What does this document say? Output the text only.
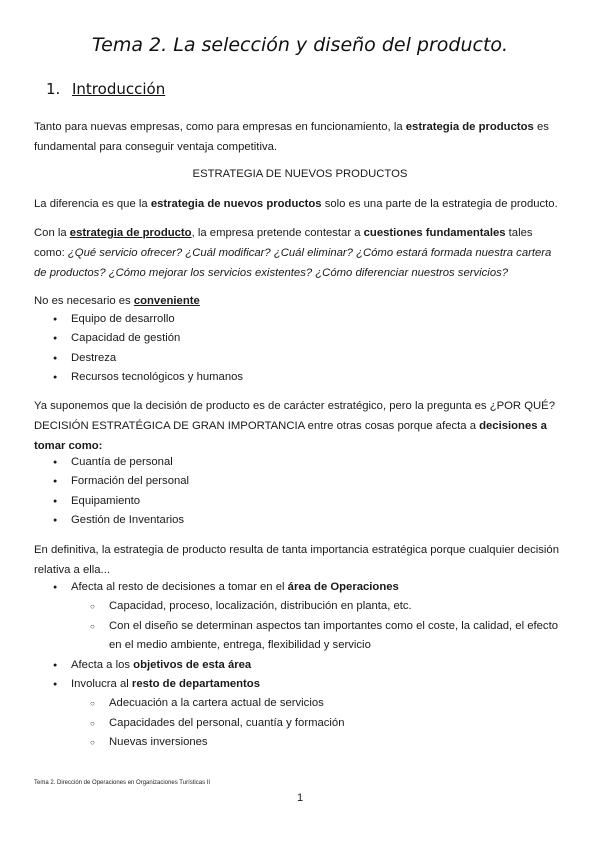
Tema 2. La selección y diseño del producto.
1. Introducción
Tanto para nuevas empresas, como para empresas en funcionamiento, la estrategia de productos es fundamental para conseguir ventaja competitiva.
ESTRATEGIA DE NUEVOS PRODUCTOS
La diferencia es que la estrategia de nuevos productos solo es una parte de la estrategia de producto.
Con la estrategia de producto, la empresa pretende contestar a cuestiones fundamentales tales como: ¿Qué servicio ofrecer? ¿Cuál modificar? ¿Cuál eliminar? ¿Cómo estará formada nuestra cartera de productos? ¿Cómo mejorar los servicios existentes? ¿Cómo diferenciar nuestros servicios?
No es necesario es conveniente
● Equipo de desarrollo
● Capacidad de gestión
● Destreza
● Recursos tecnológicos y humanos
Ya suponemos que la decisión de producto es de carácter estratégico, pero la pregunta es ¿POR QUÉ? DECISIÓN ESTRATÉGICA DE GRAN IMPORTANCIA entre otras cosas porque afecta a decisiones a tomar como:
● Cuantía de personal
● Formación del personal
● Equipamiento
● Gestión de Inventarios
En definitiva, la estrategia de producto resulta de tanta importancia estratégica porque cualquier decisión relativa a ella...
● Afecta al resto de decisiones a tomar en el área de Operaciones
○ Capacidad, proceso, localización, distribución en planta, etc.
○ Con el diseño se determinan aspectos tan importantes como el coste, la calidad, el efecto en el medio ambiente, entrega, flexibilidad y servicio
● Afecta a los objetivos de esta área
● Involucra al resto de departamentos
○ Adecuación a la cartera actual de servicios
○ Capacidades del personal, cuantía y formación
○ Nuevas inversiones
Tema 2. Dirección de Operaciones en Organizaciones Turísticas II
1
